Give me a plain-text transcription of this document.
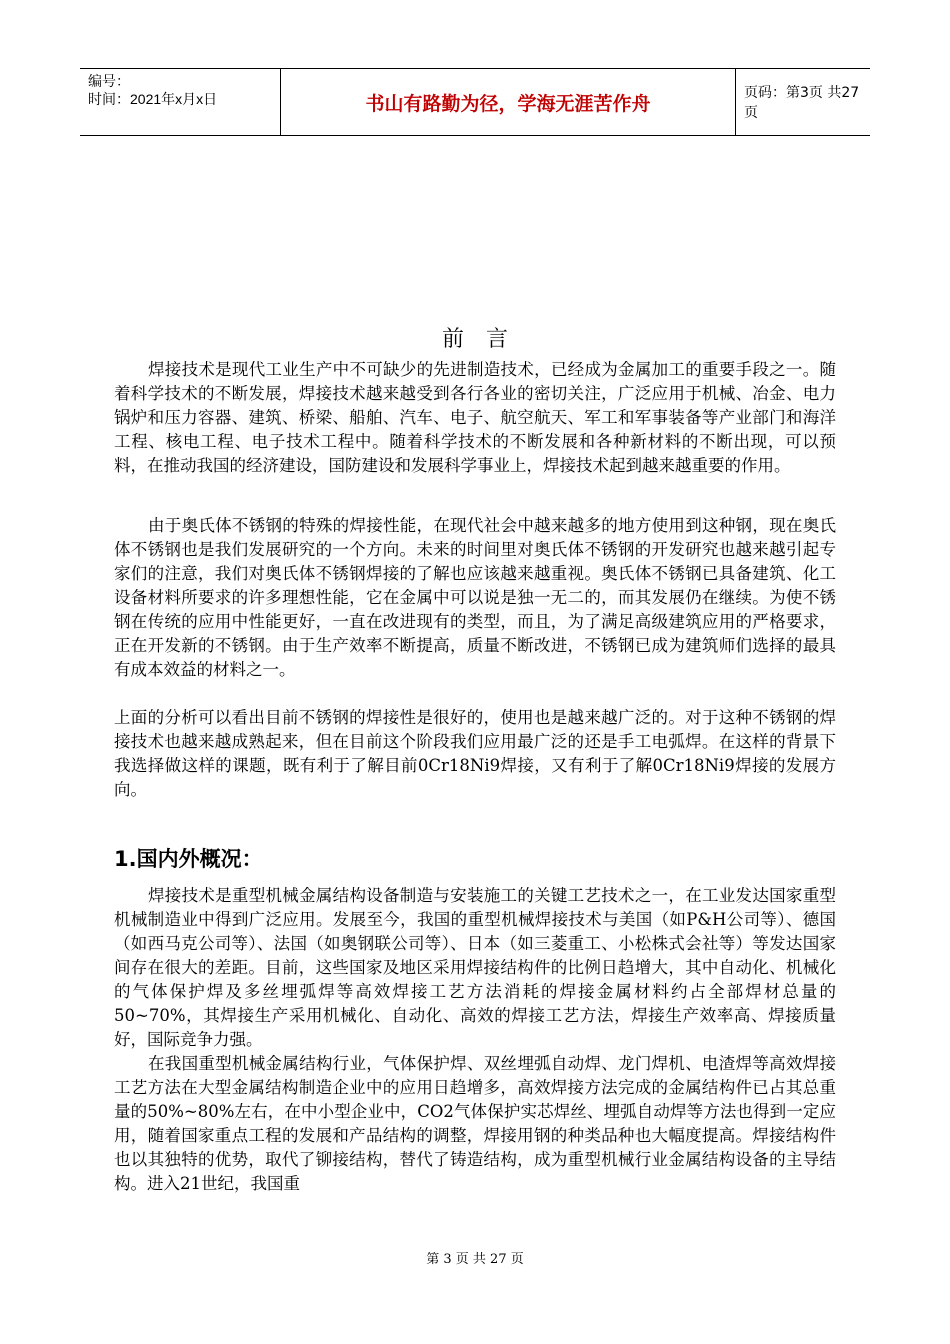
编号：
时间：2021年x月x日	书山有路勤为径，学海无涯苦作舟	页码：第3页 共27页
前言

焊接技术是现代工业生产中不可缺少的先进制造技术，已经成为金属加工的重要手段之一。随着科学技术的不断发展，焊接技术越来越受到各行各业的密切关注，广泛应用于机械、冶金、电力锅炉和压力容器、建筑、桥梁、船舶、汽车、电子、航空航天、军工和军事装备等产业部门和海洋工程、核电工程、电子技术工程中。随着科学技术的不断发展和各种新材料的不断出现，可以预料，在推动我国的经济建设，国防建设和发展科学事业上，焊接技术起到越来越重要的作用。

由于奥氏体不锈钢的特殊的焊接性能，在现代社会中越来越多的地方使用到这种钢，现在奥氏体不锈钢也是我们发展研究的一个方向。未来的时间里对奥氏体不锈钢的开发研究也越来越引起专家们的注意，我们对奥氏体不锈钢焊接的了解也应该越来越重视。奥氏体不锈钢已具备建筑、化工设备材料所要求的许多理想性能，它在金属中可以说是独一无二的，而其发展仍在继续。为使不锈钢在传统的应用中性能更好，一直在改进现有的类型，而且，为了满足高级建筑应用的严格要求，正在开发新的不锈钢。由于生产效率不断提高，质量不断改进，不锈钢已成为建筑师们选择的最具有成本效益的材料之一。

上面的分析可以看出目前不锈钢的焊接性是很好的，使用也是越来越广泛的。对于这种不锈钢的焊接技术也越来越成熟起来，但在目前这个阶段我们应用最广泛的还是手工电弧焊。在这样的背景下我选择做这样的课题，既有利于了解目前0Cr18Ni9焊接，又有利于了解0Cr18Ni9焊接的发展方向。

1.国内外概况：

焊接技术是重型机械金属结构设备制造与安装施工的关键工艺技术之一，在工业发达国家重型机械制造业中得到广泛应用。发展至今，我国的重型机械焊接技术与美国（如P&H公司等）、德国（如西马克公司等）、法国（如奥钢联公司等）、日本（如三菱重工、小松株式会社等）等发达国家间存在很大的差距。目前，这些国家及地区采用焊接结构件的比例日趋增大，其中自动化、机械化的气体保护焊及多丝埋弧焊等高效焊接工艺方法消耗的焊接金属材料约占全部焊材总量的50~70%，其焊接生产采用机械化、自动化、高效的焊接工艺方法，焊接生产效率高、焊接质量好，国际竞争力强。

在我国重型机械金属结构行业，气体保护焊、双丝埋弧自动焊、龙门焊机、电渣焊等高效焊接工艺方法在大型金属结构制造企业中的应用日趋增多，高效焊接方法完成的金属结构件已占其总重量的50%~80%左右，在中小型企业中，CO2气体保护实芯焊丝、埋弧自动焊等方法也得到一定应用，随着国家重点工程的发展和产品结构的调整，焊接用钢的种类品种也大幅度提高。焊接结构件也以其独特的优势，取代了铆接结构，替代了铸造结构，成为重型机械行业金属结构设备的主导结构。进入21世纪，我国重

第 3 页 共 27 页
